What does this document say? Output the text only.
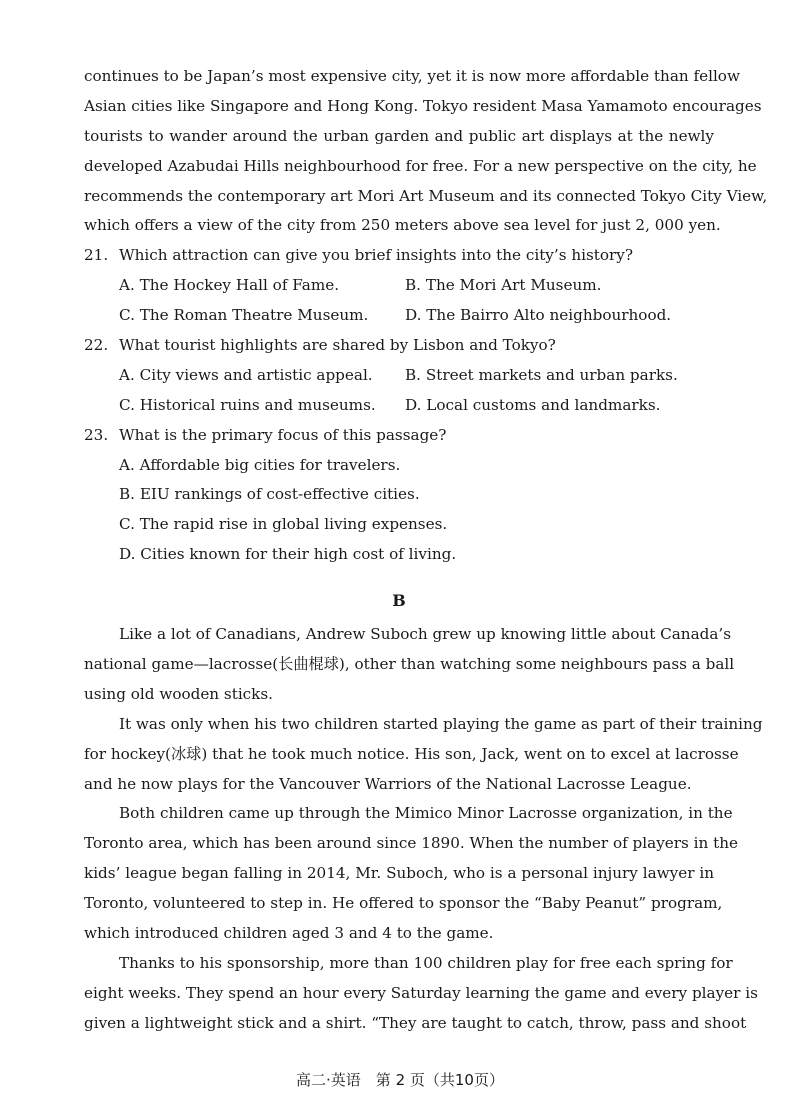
continues to be Japan’s most expensive city, yet it is now more affordable than fellow
Asian cities like Singapore and Hong Kong. Tokyo resident Masa Yamamoto encourages
tourists to wander around the urban garden and public art displays at the newly
developed Azabudai Hills neighbourhood for free. For a new perspective on the city, he
recommends the contemporary art Mori Art Museum and its connected Tokyo City View,
which offers a view of the city from 250 meters above sea level for just 2, 000 yen.
21. Which attraction can give you brief insights into the city’s history?
A. The Hockey Hall of Fame.	B. The Mori Art Museum.
C. The Roman Theatre Museum.	D. The Bairro Alto neighbourhood.
22. What tourist highlights are shared by Lisbon and Tokyo?
A. City views and artistic appeal.	B. Street markets and urban parks.
C. Historical ruins and museums.	D. Local customs and landmarks.
23. What is the primary focus of this passage?
A. Affordable big cities for travelers.
B. EIU rankings of cost-effective cities.
C. The rapid rise in global living expenses.
D. Cities known for their high cost of living.
B
Like a lot of Canadians, Andrew Suboch grew up knowing little about Canada’s
national game—lacrosse(长曲棍球), other than watching some neighbours pass a ball
using old wooden sticks.
It was only when his two children started playing the game as part of their training
for hockey(冰球) that he took much notice. His son, Jack, went on to excel at lacrosse
and he now plays for the Vancouver Warriors of the National Lacrosse League.
Both children came up through the Mimico Minor Lacrosse organization, in the
Toronto area, which has been around since 1890. When the number of players in the
kids’ league began falling in 2014, Mr. Suboch, who is a personal injury lawyer in
Toronto, volunteered to step in. He offered to sponsor the “Baby Peanut” program,
which introduced children aged 3 and 4 to the game.
Thanks to his sponsorship, more than 100 children play for free each spring for
eight weeks. They spend an hour every Saturday learning the game and every player is
given a lightweight stick and a shirt. “They are taught to catch, throw, pass and shoot
高二·英语　第 2 页（共10页）
